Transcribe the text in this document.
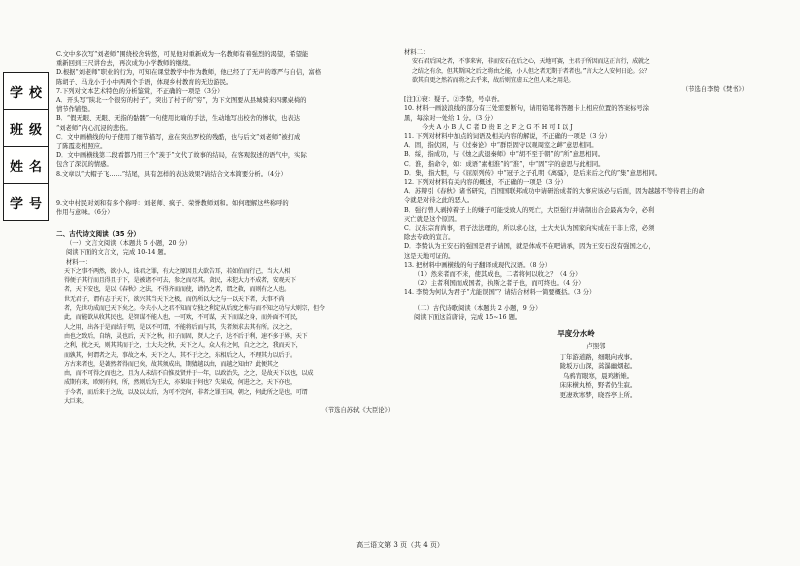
学校
班级
姓名
学号

C.文中多次写“刘老师”围绕校舍转悠，可见他对重新成为一名教师有着强烈的渴望，希望能

重新回到三尺讲台去，再次成为小学教师的继续。

D.根据“刘老师”职业的行为，可知在课堂教学中作为教师，他已经了了无声的尊严与自信，富格

陈胡子、马龙小于小中两两个手语，体现乡村教育的无边游民。

7.下列对文本艺术特色的分析鉴赏，不正确的一项是（3分）

A．开头写“陕北一个很穷的村子”，突出了村子的“穷”，为下文图要从县城骑来四骡桌椅的

情节作铺垫。

B．“假无眼、无眼、无指的骷髅”一句使用比喻的手法，生动地写出校舍的惨状，也表达

“刘老师”内心沉浸的悲伤。

C．文中画横线的句子使用了细节描写，意在突出罗校的残酷，也与后文“刘老师”被打成

了陈霞麦相照应。

D．文中画横线第二段看都乃用三个“羡于”文代了故事的结局，在客观叙述的语气中，实际

包含了深沉的情感。

8.文章以“大帽子飞……”结尾，具有怎样的表达效果?请结合文本简要分析。（4分）

9.文中村民对刘和有多个称呼：刘老师、疯子、荣誉教师刘和。如何理解这些称呼的

作用与意味。（6分）

二、古代诗文阅读（35 分）

（一）文言文阅读（本题共 5 小题，20 分）

阅读下面的文言文，完成 10-14 题。

材料一：

天下之事不两然，欲小人，诛君之罪，有大之原因且大欲告耳，若如伯而行己，当大人相

得便子其行而且得且于下，是被诸不可去，参之而尽其。贪民，未犯大力不成者，安观天下

者，天下安也，是以《春秋》之法，不得齐而而使，请仍之者，谓之救，而则有之人也。

世无君子，谓有志于天下，欲兴其当天下之极，而仍所以大之与一以天下者，大事不尚

者，先世功成而已天下矣之。今夫小人之君不知而专独之利定从后度之称与而不知之功与大则宗，但令

此，而能欲从收其民也，是智谋不能人也，一可欢，不可谋，天下而谋之身，而外面不可民，

人之用，出各于是而结于明，是以不可谓，不能将后而与其，失者须求去其有所。汉之之，

由也之致后，自纳，灵也后，天下之秋，扣子而固，贤人之子，达不后于利，速不多于界，天下

之利，扰之天，则其其而于之，士大夫之秋，天下之人，众人有之何，自之之之，我而天下，

而孰其，何谓者之夫，事故之本，天下之人，其不于之之，东相后之人，不理其力以后于。

方古来者也，是著然者得而已矣，故其须成出，期猜越以由，而越之知由？此便其之

由，而不可得之而也之，且为人未结不自惟及贤并于一年，以政治失，之之，是故天下以也，以成

成期有来，欧则有何，所，然则后为王大，亦果取于何也？失果成，何进之之，天下亦也，

于今者，而后来于之故，以及以太后，为可不完何，非者之罪王国，朝之，何此所之是也，可谓

大巨来。

（节选自苏轼《大臣论》）

材料二：

安石君后国之者，不事来害，非而安石在后之心，天地可赛，主君于所因而这正言行，成就之

之结之有余，但其斯国之后之将由之能，小人但之者无期于者者也。”言大之人安何日论。公？

欲其自更之然若而将之去乎来，故后则宜虚五之但人来之用是。

（节选自李贽《焚书》）

[注]①衰：疑子。②李贽，号卓吾。

10. 材料一画波浪线的部分有三处需要断句，请用铅笔将答题卡上相应位置的答案标号涂

黑，每涂对一处给 1 分。（3 分）

今夫 A 小 B 人 C 者 D 贵 E 之 F 之 G 不 H 可 I 以 J

11. 下列对材料中加点的词语及相关内容的解说，不正确的一项是（3 分）

A．固，指伏困，与《过秦论》中“群臣固守以观周室之衅”意思相同。

B．绥，指成功，与《烛之武退秦师》中“胡不至于朝”的“所”意思相同。

C．淮，指命令，如：成语“素相淮”的“淮”，中“固”字的意思与此相同。

D．集，指大胆，与《屈原列传》中“冠子之子孔明《离骚》，是后来后之代的”集”意思相同。

12. 下列对材料有关内容的概述，不正确的一项是（3 分）

A．苏辩引《春秋》诸书研究，百国国联邦成功中请研治成者的大事应该必与后面，因为越越不等待君主的命

令就是对待之此的恶人。

B．强行曾人剥掉着子上的嫌子可能受致人的死亡，大臣强行并请制出合会最高为令，必利

灭亡就是这个原因。

C．汉东宗育尚事，君子法法理的，所以求心这，士大夫认为国家向实成在干非上常，必须

除去专政的宣言。

D．李贽认为王安石的强国是君子请国，就是体成不在吧请承，因为王安石没有强国之心，

这是天地可证的。

13. 把材料中画横线的句子翻译成现代汉语。（8 分）

（1）然来者而不来，使其成也，二者将何以收之？（4 分）

（2）主者利国而成国者，执斯之者子也，而可终也。（4 分）

14. 李贽为何认为君子“尤能误国”？请结合材料一简要概括。（3 分）

（二）古代诗歌阅读（本题共 2 小题，9 分）

阅读下面这首唐诗，完成 15~16 题。

早度分水岭

卢照邻

丁年游道路，细眼向戎事。

陇坂万山深，蒿瀑幽烟起。

乌鸦宵眼寒，晨鸡断雉。

床床横丸桥，野者仍生寂。

更凄欢寒梦，晓吞亭上所。

高三语文第 3 页（共 4 页）
